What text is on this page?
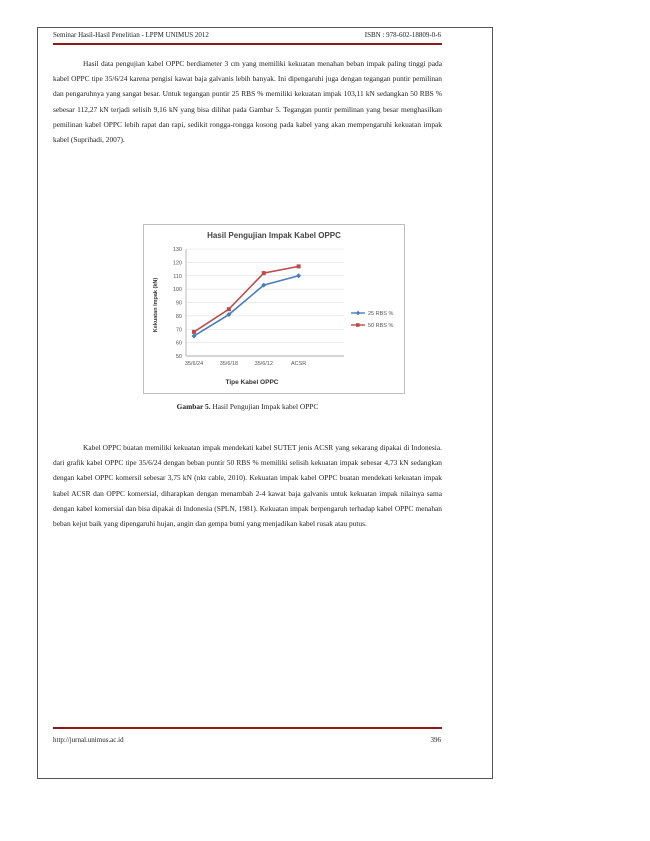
Seminar Hasil-Hasil Penelitian - LPPM UNIMUS 2012	ISBN : 978-602-18809-0-6

Hasil data pengujian kabel OPPC berdiameter 3 cm yang memiliki kekuatan menahan beban impak paling tinggi pada kabel OPPC tipe 35/6/24 karena pengisi kawat baja galvanis lebih banyak. Ini dipengaruhi juga dengan tegangan puntir pemilinan dan pengaruhnya yang sangat besar. Untuk tegangan puntir 25 RBS % memiliki kekuatan impak 103,11 kN sedangkan 50 RBS % sebesar 112,27 kN terjadi selisih 9,16 kN yang bisa dilihat pada Gambar 5. Tegangan puntir pemilinan yang besar menghasilkan pemilinan kabel OPPC lebih rapat dan rapi, sedikit rongga-rongga kosong pada kabel yang akan mempengaruhi kekuatan impak kabel (Suprihadi, 2007).

Hasil Pengujian Impak Kabel OPPC
50
60
70
80
90
100
110
120
130
35/6/24	35/6/18	35/6/12	ACSR
25 RBS %
50 RBS %
Tipe Kabel OPPC
Kekuatan Impak (kN)
Gambar 5. Hasil Pengujian Impak kabel OPPC

Kabel OPPC buatan memiliki kekuatan impak mendekati kabel SUTET jenis ACSR yang sekarang dipakai di Indonesia. dari grafik kabel OPPC tipe 35/6/24 dengan beban puntir 50 RBS % memiliki selisih kekuatan impak sebesar 4,73 kN sedangkan dengan kabel OPPC komersil sebesar 3,75 kN (nkt cable, 2010). Kekuatan impak kabel OPPC buatan mendekati kekuatan impak kabel ACSR dan OPPC komersial, diharapkan dengan menambah 2-4 kawat baja galvanis untuk kekuatan impak nilainya sama dengan kabel komersial dan bisa dipakai di Indonesia (SPLN, 1981). Kekuatan impak berpengaruh terhadap kabel OPPC menahan beban kejut baik yang dipengaruhi hujan, angin dan gempa bumi yang menjadikan kabel rusak atau putus.

http://jurnal.unimus.ac.id	396
